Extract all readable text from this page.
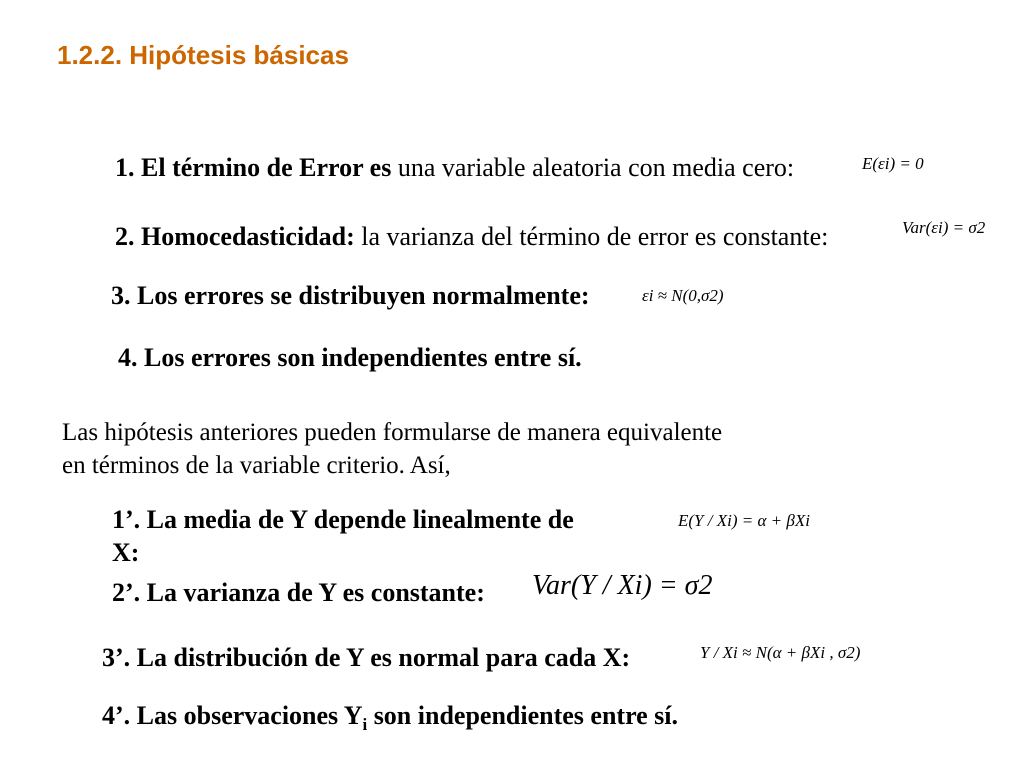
1.2.2. Hipótesis básicas
1. El término de Error es una variable aleatoria con media cero:	E(εi) = 0
2. Homocedasticidad: la varianza del término de error es constante:	Var(εi) = σ2
3. Los errores se distribuyen normalmente:	εi ≈ N(0,σ2)
4. Los errores son independientes entre sí.
Las hipótesis anteriores pueden formularse de manera equivalente
en términos de la variable criterio. Así,
1’. La media de Y depende linealmente de
X:
E(Y / Xi) = α + βXi
2’. La varianza de Y es constante: Var(Y / Xi) = σ2
3’. La distribución de Y es normal para cada X:	Y / Xi ≈ N(α + βXi , σ2)
4’. Las observaciones $Y_i$ son independientes entre sí.
